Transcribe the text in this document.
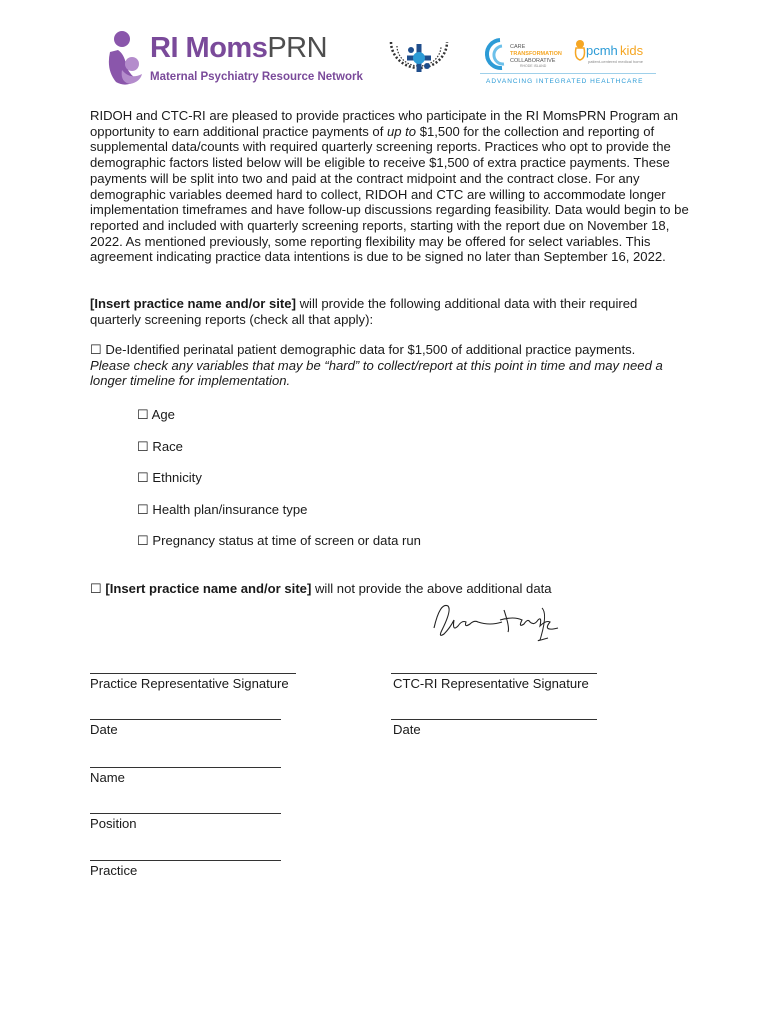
RI MomsPRN
Maternal Psychiatry Resource Network
CARE
TRANSFORMATION
COLLABORATIVE
RHODE ISLAND
pcmh kids
patient-centered medical home
ADVANCING INTEGRATED HEALTHCARE

RIDOH and CTC-RI are pleased to provide practices who participate in the RI MomsPRN Program an opportunity to earn additional practice payments of up to $1,500 for the collection and reporting of supplemental data/counts with required quarterly screening reports. Practices who opt to provide the demographic factors listed below will be eligible to receive $1,500 of extra practice payments. These payments will be split into two and paid at the contract midpoint and the contract close. For any demographic variables deemed hard to collect, RIDOH and CTC are willing to accommodate longer implementation timeframes and have follow-up discussions regarding feasibility. Data would begin to be reported and included with quarterly screening reports, starting with the report due on November 18, 2022. As mentioned previously, some reporting flexibility may be offered for select variables. This agreement indicating practice data intentions is due to be signed no later than September 16, 2022.

[Insert practice name and/or site] will provide the following additional data with their required quarterly screening reports (check all that apply):

☐ De-Identified perinatal patient demographic data for $1,500 of additional practice payments.
Please check any variables that may be “hard” to collect/report at this point in time and may need a longer timeline for implementation.

☐ Age
☐ Race
☐ Ethnicity
☐ Health plan/insurance type
☐ Pregnancy status at time of screen or data run
☐ [Insert practice name and/or site] will not provide the above additional data
Practice Representative Signature	CTC-RI Representative Signature
Date	Date
Name
Position
Practice
